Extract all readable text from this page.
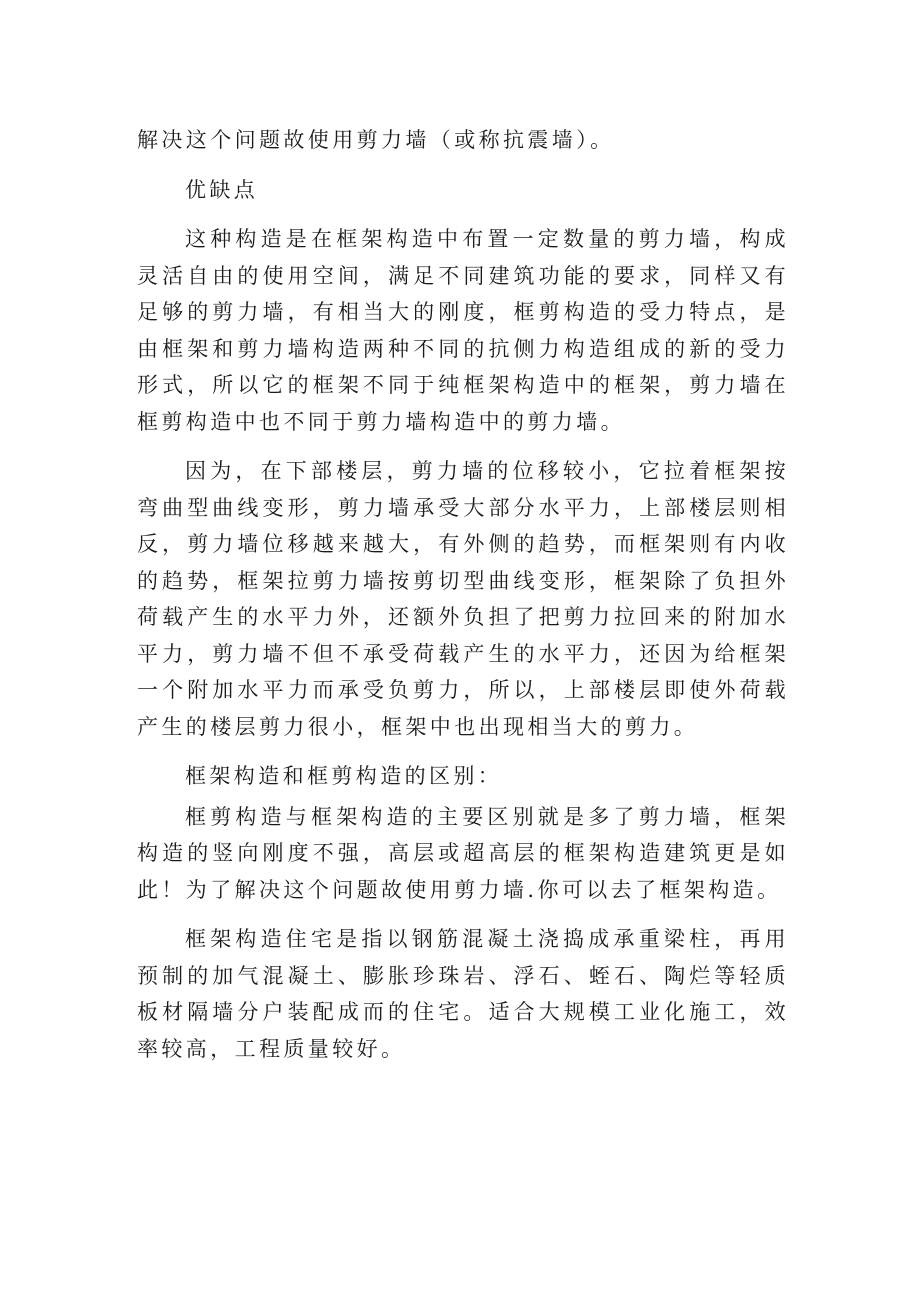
解决这个问题故使用剪力墙（或称抗震墙）。

优缺点

这种构造是在框架构造中布置一定数量的剪力墙，构成灵活自由的使用空间，满足不同建筑功能的要求，同样又有足够的剪力墙，有相当大的刚度，框剪构造的受力特点，是由框架和剪力墙构造两种不同的抗侧力构造组成的新的受力形式，所以它的框架不同于纯框架构造中的框架，剪力墙在框剪构造中也不同于剪力墙构造中的剪力墙。

因为，在下部楼层，剪力墙的位移较小，它拉着框架按弯曲型曲线变形，剪力墙承受大部分水平力，上部楼层则相反，剪力墙位移越来越大，有外侧的趋势，而框架则有内收的趋势，框架拉剪力墙按剪切型曲线变形，框架除了负担外荷载产生的水平力外，还额外负担了把剪力拉回来的附加水平力，剪力墙不但不承受荷载产生的水平力，还因为给框架一个附加水平力而承受负剪力，所以，上部楼层即使外荷载产生的楼层剪力很小，框架中也出现相当大的剪力。

框架构造和框剪构造的区别：

框剪构造与框架构造的主要区别就是多了剪力墙，框架构造的竖向刚度不强，高层或超高层的框架构造建筑更是如此！为了解决这个问题故使用剪力墙.你可以去了框架构造。

框架构造住宅是指以钢筋混凝土浇捣成承重梁柱，再用预制的加气混凝土、膨胀珍珠岩、浮石、蛭石、陶烂等轻质板材隔墙分户装配成而的住宅。适合大规模工业化施工，效率较高，工程质量较好。
